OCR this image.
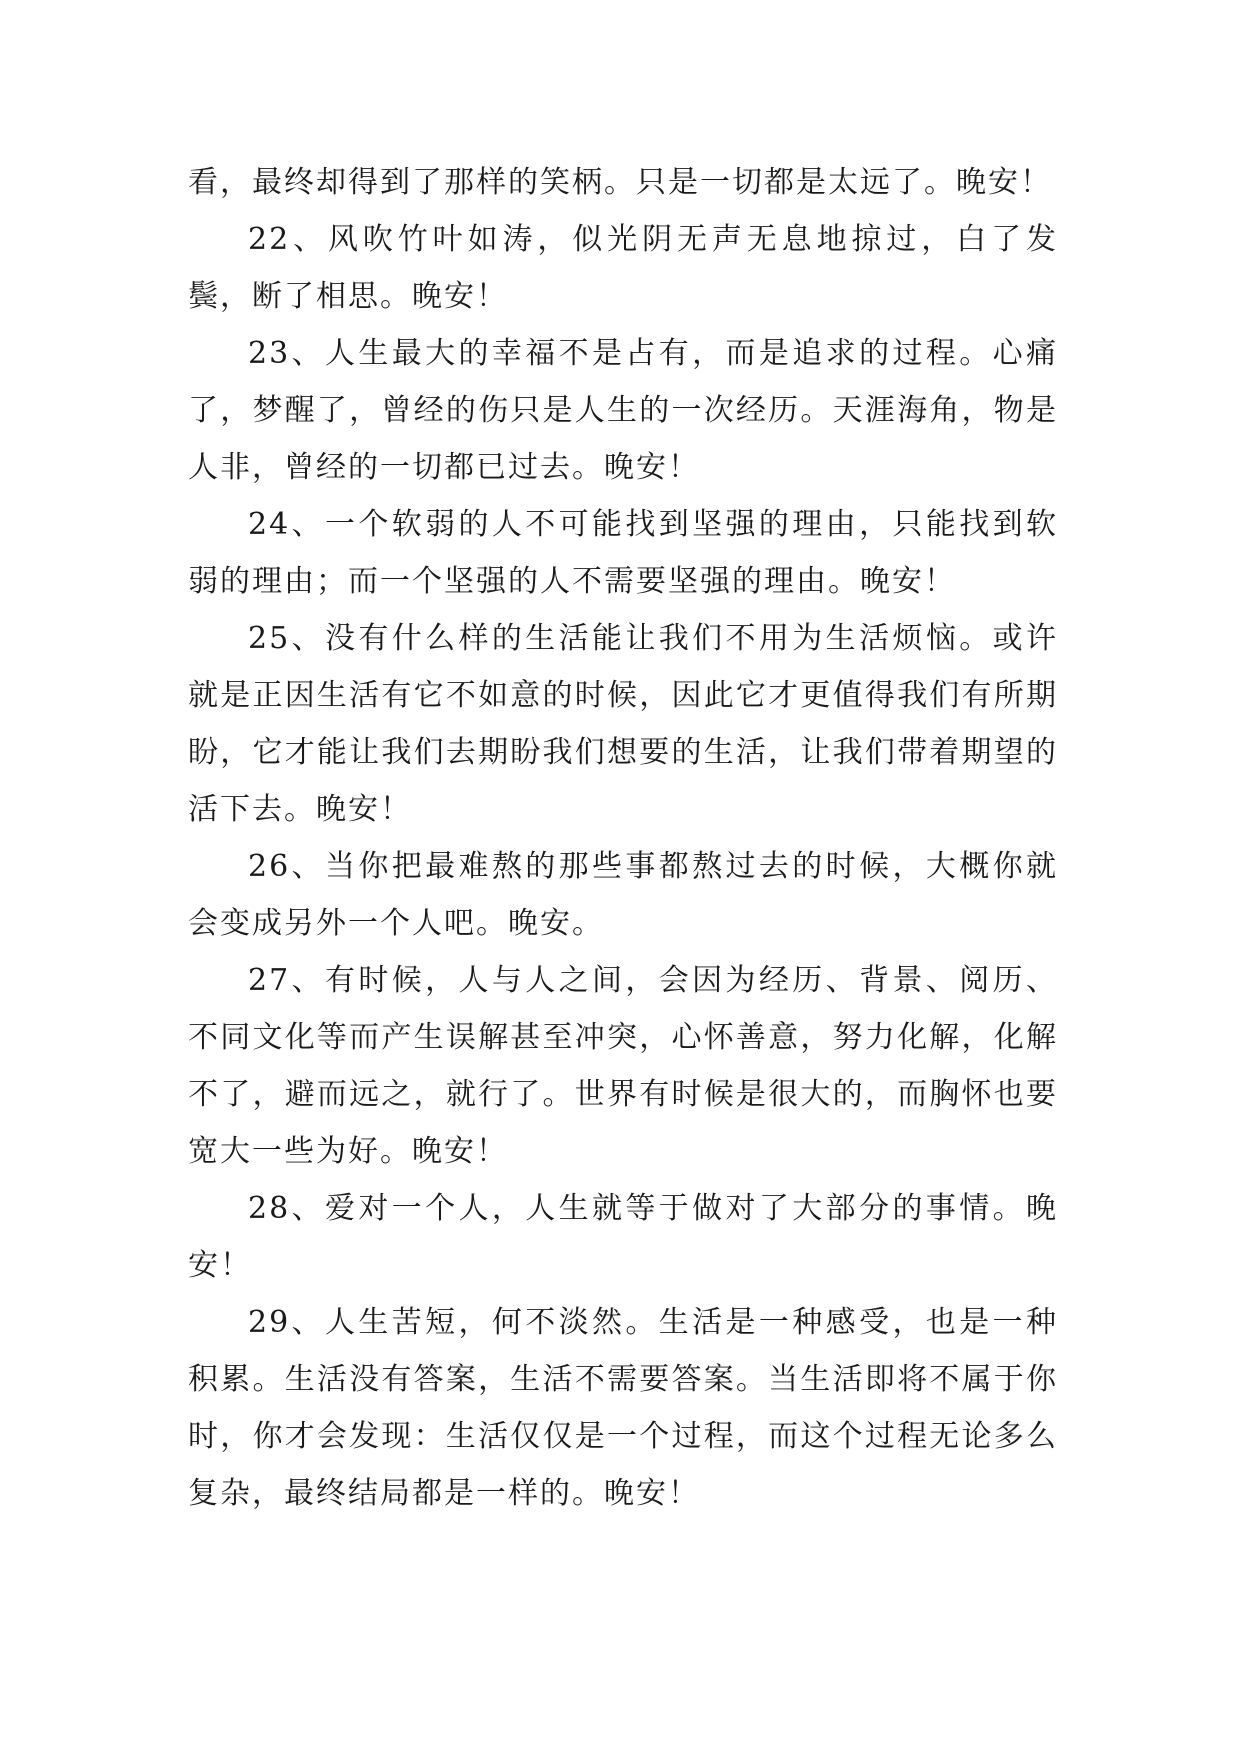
看，最终却得到了那样的笑柄。只是一切都是太远了。晚安！

22、风吹竹叶如涛，似光阴无声无息地掠过，白了发鬓，断了相思。晚安！

23、人生最大的幸福不是占有，而是追求的过程。心痛了，梦醒了，曾经的伤只是人生的一次经历。天涯海角，物是人非，曾经的一切都已过去。晚安！

24、一个软弱的人不可能找到坚强的理由，只能找到软弱的理由；而一个坚强的人不需要坚强的理由。晚安！

25、没有什么样的生活能让我们不用为生活烦恼。或许就是正因生活有它不如意的时候，因此它才更值得我们有所期盼，它才能让我们去期盼我们想要的生活，让我们带着期望的活下去。晚安！

26、当你把最难熬的那些事都熬过去的时候，大概你就会变成另外一个人吧。晚安。

27、有时候，人与人之间，会因为经历、背景、阅历、不同文化等而产生误解甚至冲突，心怀善意，努力化解，化解不了，避而远之，就行了。世界有时候是很大的，而胸怀也要宽大一些为好。晚安！

28、爱对一个人，人生就等于做对了大部分的事情。晚安！

29、人生苦短，何不淡然。生活是一种感受，也是一种积累。生活没有答案，生活不需要答案。当生活即将不属于你时，你才会发现：生活仅仅是一个过程，而这个过程无论多么复杂，最终结局都是一样的。晚安！
